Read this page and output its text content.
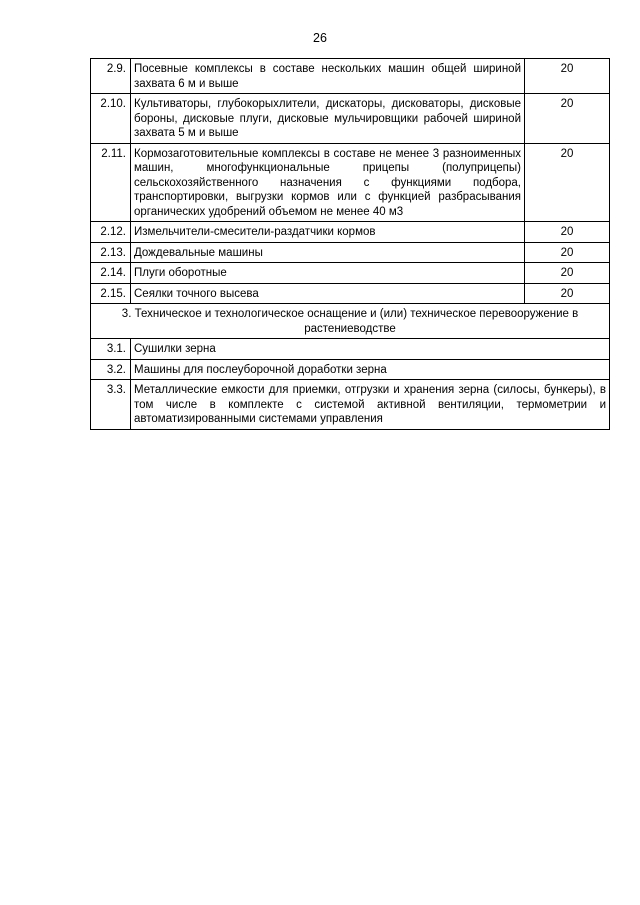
26
2.9.	Посевные комплексы в составе нескольких машин общей шириной захвата 6 м и выше	20
2.10.	Культиваторы, глубокорыхлители, дискаторы, дисковаторы, дисковые бороны, дисковые плуги, дисковые мульчировщики рабочей шириной захвата 5 м и выше	20
2.11.	Кормозаготовительные комплексы в составе не менее 3 разноименных машин, многофункциональные прицепы (полуприцепы) сельскохозяйственного назначения с функциями подбора, транспортировки, выгрузки кормов или с функцией разбрасывания органических удобрений объемом не менее 40 м3	20
2.12.	Измельчители-смесители-раздатчики кормов	20
2.13.	Дождевальные машины	20
2.14.	Плуги оборотные	20
2.15.	Сеялки точного высева	20
3. Техническое и технологическое оснащение и (или) техническое перевооружение в растениеводстве		
3.1.	Сушилки зерна	
3.2.	Машины для послеуборочной доработки зерна	
3.3.	Металлические емкости для приемки, отгрузки и хранения зерна (силосы, бункеры), в том числе в комплекте с системой активной вентиляции, термометрии и автоматизированными системами управления	
